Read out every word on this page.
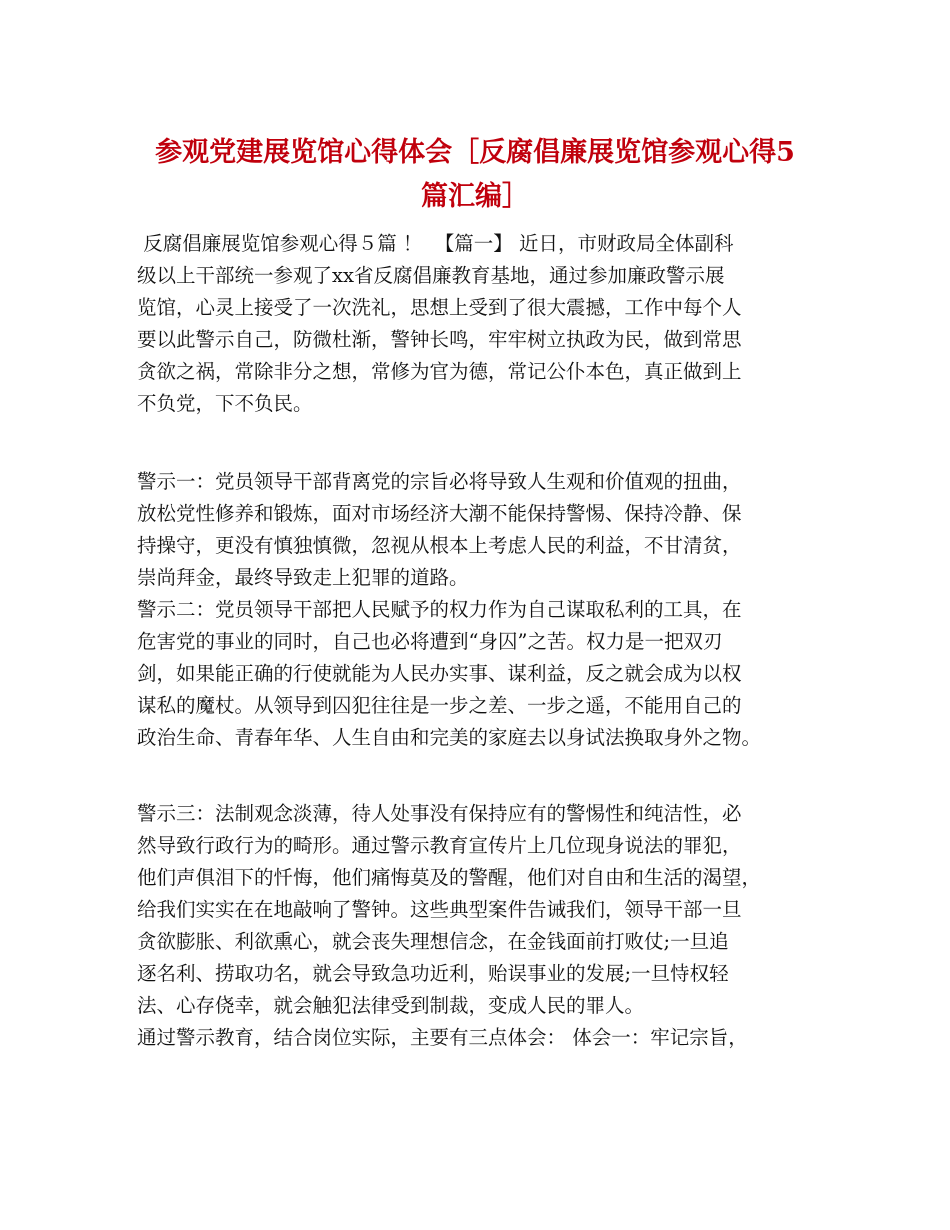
参观党建展览馆心得体会［反腐倡廉展览馆参观心得5
篇汇编］

反腐倡廉展览馆参观心得５篇 ！  【篇一】 近日，市财政局全体副科

级以上干部统一参观了xx省反腐倡廉教育基地，通过参加廉政警示展

览馆，心灵上接受了一次洗礼，思想上受到了很大震撼，工作中每个人

要以此警示自己，防微杜渐，警钟长鸣，牢牢树立执政为民，做到常思

贪欲之祸，常除非分之想，常修为官为德，常记公仆本色，真正做到上

不负党，下不负民。

警示一：党员领导干部背离党的宗旨必将导致人生观和价值观的扭曲，

放松党性修养和锻炼，面对市场经济大潮不能保持警惕、保持冷静、保

持操守，更没有慎独慎微，忽视从根本上考虑人民的利益，不甘清贫，

崇尚拜金，最终导致走上犯罪的道路。

警示二：党员领导干部把人民赋予的权力作为自己谋取私利的工具，在

危害党的事业的同时，自己也必将遭到“身囚”之苦。权力是一把双刃

剑，如果能正确的行使就能为人民办实事、谋利益，反之就会成为以权

谋私的魔杖。从领导到囚犯往往是一步之差、一步之遥，不能用自己的

政治生命、青春年华、人生自由和完美的家庭去以身试法换取身外之物。

警示三：法制观念淡薄，待人处事没有保持应有的警惕性和纯洁性，必

然导致行政行为的畸形。通过警示教育宣传片上几位现身说法的罪犯，

他们声俱泪下的忏悔，他们痛悔莫及的警醒，他们对自由和生活的渴望，

给我们实实在在地敲响了警钟。这些典型案件告诫我们，领导干部一旦

贪欲膨胀、利欲熏心，就会丧失理想信念，在金钱面前打败仗;一旦追

逐名利、捞取功名，就会导致急功近利，贻误事业的发展;一旦恃权轻

法、心存侥幸，就会触犯法律受到制裁，变成人民的罪人。

通过警示教育，结合岗位实际，主要有三点体会： 体会一：牢记宗旨，
